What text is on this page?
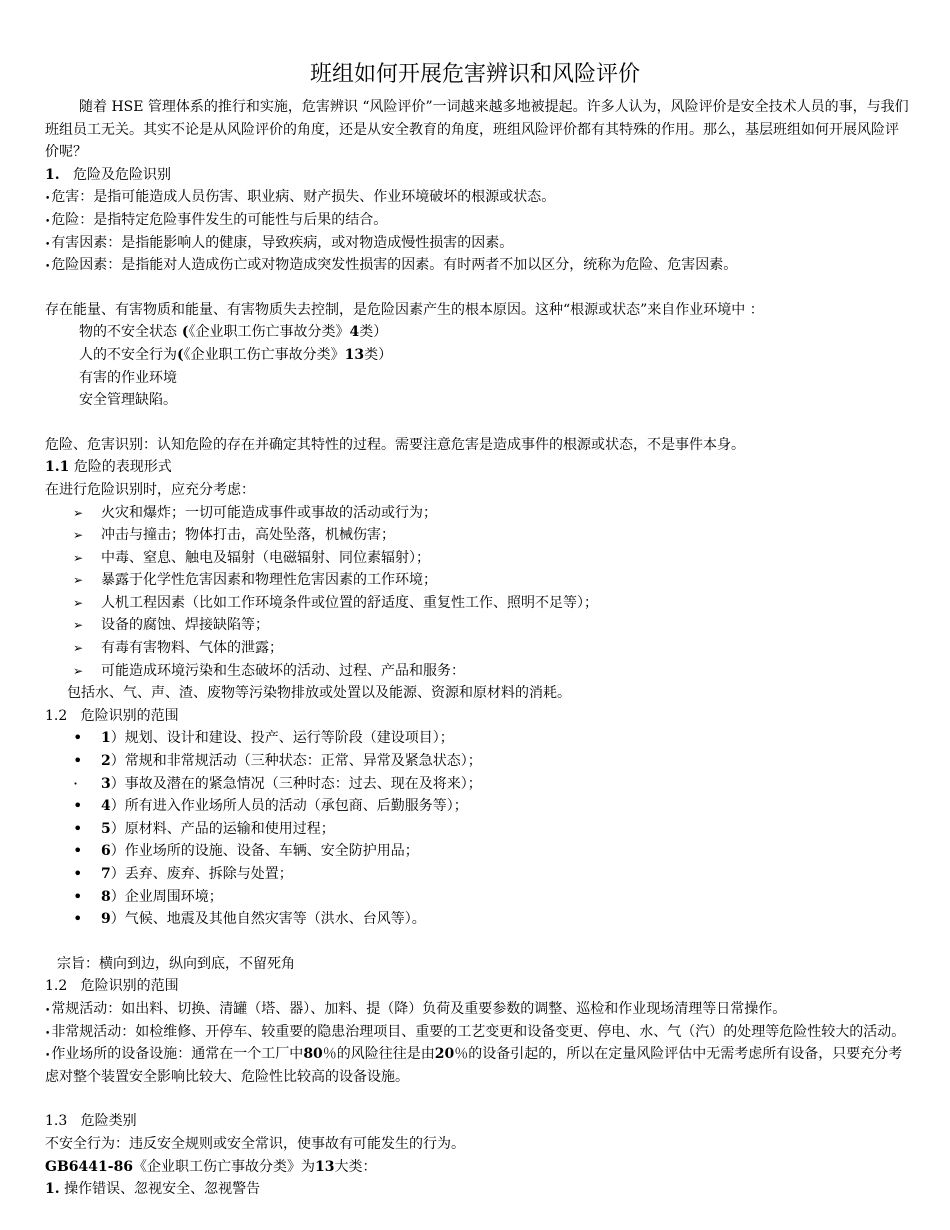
班组如何开展危害辨识和风险评价

随着 HSE 管理体系的推行和实施，危害辨识 “风险评价”一词越来越多地被提起。许多人认为，风险评价是安全技术人员的事，与我们班组员工无关。其实不论是从风险评价的角度，还是从安全教育的角度，班组风险评价都有其特殊的作用。那么，基层班组如何开展风险评价呢？

1. 危险及危险识别

•危害：是指可能造成人员伤害、职业病、财产损失、作业环境破坏的根源或状态。

•危险：是指特定危险事件发生的可能性与后果的结合。

•有害因素：是指能影响人的健康，导致疾病，或对物造成慢性损害的因素。

•危险因素：是指能对人造成伤亡或对物造成突发性损害的因素。有时两者不加以区分，统称为危险、危害因素。

存在能量、有害物质和能量、有害物质失去控制，是危险因素产生的根本原因。这种“根源或状态”来自作业环境中 ：

物的不安全状态 (《企业职工伤亡事故分类》4类）

人的不安全行为(《企业职工伤亡事故分类》13类）

有害的作业环境

安全管理缺陷。

危险、危害识别：认知危险的存在并确定其特性的过程。需要注意危害是造成事件的根源或状态，不是事件本身。

1.1 危险的表现形式

在进行危险识别时，应充分考虑：

➢ 火灾和爆炸；一切可能造成事件或事故的活动或行为；
➢ 冲击与撞击；物体打击，高处坠落，机械伤害；
➢ 中毒、窒息、触电及辐射（电磁辐射、同位素辐射）；
➢ 暴露于化学性危害因素和物理性危害因素的工作环境；
➢ 人机工程因素（比如工作环境条件或位置的舒适度、重复性工作、照明不足等）；
➢ 设备的腐蚀、焊接缺陷等；
➢ 有毒有害物料、气体的泄露；
➢ 可能造成环境污染和生态破坏的活动、过程、产品和服务：

包括水、气、声、渣、废物等污染物排放或处置以及能源、资源和原材料的消耗。

1.2 危险识别的范围

• 1）规划、设计和建设、投产、运行等阶段（建设项目）；
• 2）常规和非常规活动（三种状态：正常、异常及紧急状态）；
· 3）事故及潜在的紧急情况（三种时态：过去、现在及将来）；
• 4）所有进入作业场所人员的活动（承包商、后勤服务等）；
• 5）原材料、产品的运输和使用过程；
• 6）作业场所的设施、设备、车辆、安全防护用品；
• 7）丢弃、废弃、拆除与处置；
• 8）企业周围环境；
• 9）气候、地震及其他自然灾害等（洪水、台风等）。

宗旨：横向到边，纵向到底，不留死角

1.2 危险识别的范围

•常规活动：如出料、切换、清罐（塔、器）、加料、提（降）负荷及重要参数的调整、巡检和作业现场清理等日常操作。

•非常规活动：如检维修、开停车、较重要的隐患治理项目、重要的工艺变更和设备变更、停电、水、气（汽）的处理等危险性较大的活动。

•作业场所的设备设施：通常在一个工厂中80％的风险往往是由20％的设备引起的，所以在定量风险评估中无需考虑所有设备，只要充分考虑对整个装置安全影响比较大、危险性比较高的设备设施。

1.3 危险类别

不安全行为：违反安全规则或安全常识，使事故有可能发生的行为。

GB6441-86《企业职工伤亡事故分类》为13大类：

1. 操作错误、忽视安全、忽视警告
